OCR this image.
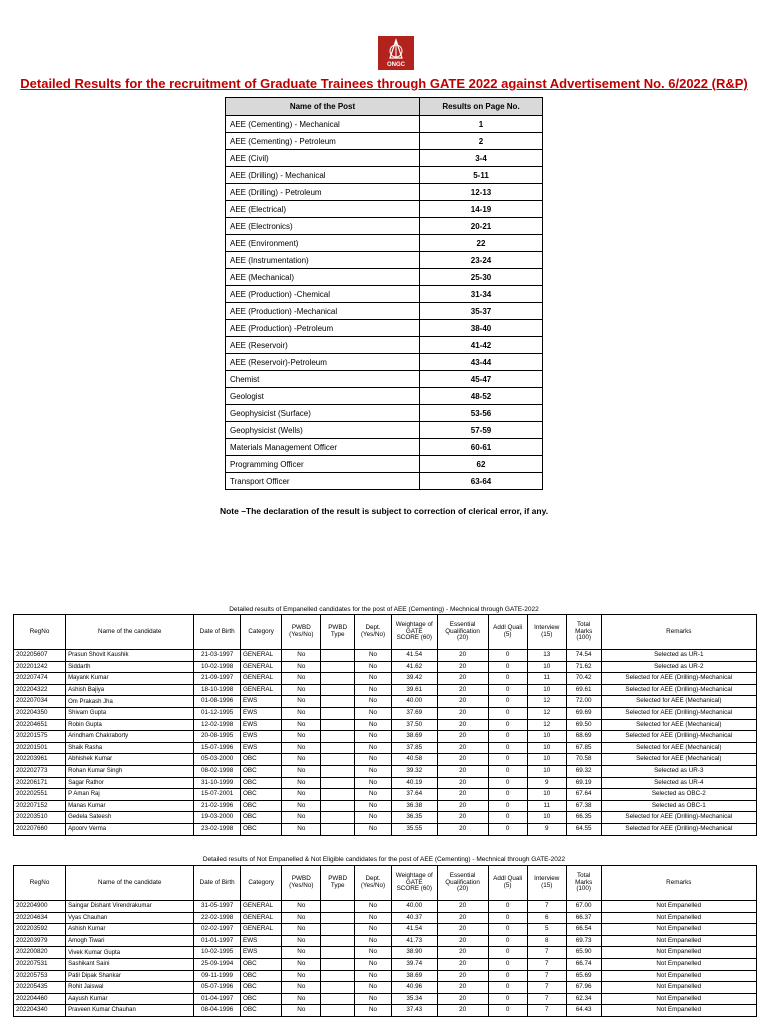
ONGC
Detailed Results for the recruitment of Graduate Trainees through GATE 2022 against Advertisement No. 6/2022 (R&P)
Name of the Post	Results on Page No.
AEE (Cementing) - Mechanical	1
AEE (Cementing) - Petroleum	2
AEE (Civil)	3-4
AEE (Drilling) - Mechanical	5-11
AEE (Drilling) - Petroleum	12-13
AEE (Electrical)	14-19
AEE (Electronics)	20-21
AEE (Environment)	22
AEE (Instrumentation)	23-24
AEE (Mechanical)	25-30
AEE (Production) -Chemical	31-34
AEE (Production) -Mechanical	35-37
AEE (Production) -Petroleum	38-40
AEE (Reservoir)	41-42
AEE (Reservoir)-Petroleum	43-44
Chemist	45-47
Geologist	48-52
Geophysicist (Surface)	53-56
Geophysicist (Wells)	57-59
Materials Management Officer	60-61
Programming Officer	62
Transport Officer	63-64
Note –The declaration of the result is subject to correction of clerical error, if any.
Detailed results of Empanelled candidates for the post of AEE (Cementing) - Mechnical through GATE-2022
RegNo	Name of the candidate	Date of Birth	Category	PWBD (Yes/No)	PWBD Type	Dept. (Yes/No)	Weightage of GATE SCORE (60)	Essential Qualification (20)	Addl Quali (5)	Interview (15)	Total Marks (100)	Remarks
202205607	Prasun Shovit Kaushik	21-03-1997	GENERAL	No		No	41.54	20	0	13	74.54	Selected as UR-1
202201242	Siddarth	10-02-1998	GENERAL	No		No	41.62	20	0	10	71.62	Selected as UR-2
202207474	Mayank Kumar	21-09-1997	GENERAL	No		No	39.42	20	0	11	70.42	Selected for AEE (Drilling)-Mechanical
202204322	Ashish Bajiya	18-10-1998	GENERAL	No		No	39.61	20	0	10	69.61	Selected for AEE (Drilling)-Mechanical
202207034	Om Prakash Jha	01-08-1996	EWS	No		No	40.00	20	0	12	72.00	Selected for AEE (Mechanical)
202204350	Shivam Gupta	01-12-1995	EWS	No		No	37.69	20	0	12	69.69	Selected for AEE (Drilling)-Mechanical
202204651	Robin Gupta	12-02-1998	EWS	No		No	37.50	20	0	12	69.50	Selected for AEE (Mechanical)
202201575	Arindham Chakraborty	20-08-1995	EWS	No		No	38.69	20	0	10	68.69	Selected for AEE (Drilling)-Mechanical
202201501	Shaik Rasha	15-07-1996	EWS	No		No	37.85	20	0	10	67.85	Selected for AEE (Mechanical)
202203961	Abhishek Kumar	05-03-2000	OBC	No		No	40.58	20	0	10	70.58	Selected for AEE (Mechanical)
202202773	Rohan Kumar Singh	08-02-1998	OBC	No		No	39.32	20	0	10	69.32	Selected as UR-3
202206171	Sagar Rathor	31-10-1999	OBC	No		No	40.19	20	0	9	69.19	Selected as UR-4
202202551	P Aman Raj	15-07-2001	OBC	No		No	37.64	20	0	10	67.64	Selected as OBC-2
202207152	Manas Kumar	21-02-1996	OBC	No		No	36.38	20	0	11	67.38	Selected as OBC-1
202203510	Gedela Sateesh	19-03-2000	OBC	No		No	36.35	20	0	10	66.35	Selected for AEE (Drilling)-Mechanical
202207660	Apoorv Verma	23-02-1998	OBC	No		No	35.55	20	0	9	64.55	Selected for AEE (Drilling)-Mechanical
Detailed results of Not Empanelled & Not Eligible candidates for the post of AEE (Cementing) - Mechnical through GATE-2022
RegNo	Name of the candidate	Date of Birth	Category	PWBD (Yes/No)	PWBD Type	Dept. (Yes/No)	Weightage of GATE SCORE (60)	Essential Qualification (20)	Addl Quali (5)	Interview (15)	Total Marks (100)	Remarks
202204900	Saingar Dishant Virendrakumar	31-05-1997	GENERAL	No		No	40.00	20	0	7	67.00	Not Empanelled
202204634	Vyas Chauhan	22-02-1998	GENERAL	No		No	40.37	20	0	6	66.37	Not Empanelled
202203592	Ashish Kumar	02-02-1997	GENERAL	No		No	41.54	20	0	5	66.54	Not Empanelled
202203979	Amogh Tiwari	01-01-1997	EWS	No		No	41.73	20	0	8	69.73	Not Empanelled
202200820	Vivek Kumar Gupta	10-02-1995	EWS	No		No	38.90	20	0	7	65.90	Not Empanelled
202207531	Sashikant Saini	25-09-1994	OBC	No		No	39.74	20	0	7	66.74	Not Empanelled
202205753	Patil Dipak Shankar	09-11-1999	OBC	No		No	38.69	20	0	7	65.69	Not Empanelled
202205435	Rohit Jaiswal	05-07-1996	OBC	No		No	40.96	20	0	7	67.96	Not Empanelled
202204460	Aayush Kumar	01-04-1997	OBC	No		No	35.34	20	0	7	62.34	Not Empanelled
202204340	Praveen Kumar Chauhan	08-04-1996	OBC	No		No	37.43	20	0	7	64.43	Not Empanelled
